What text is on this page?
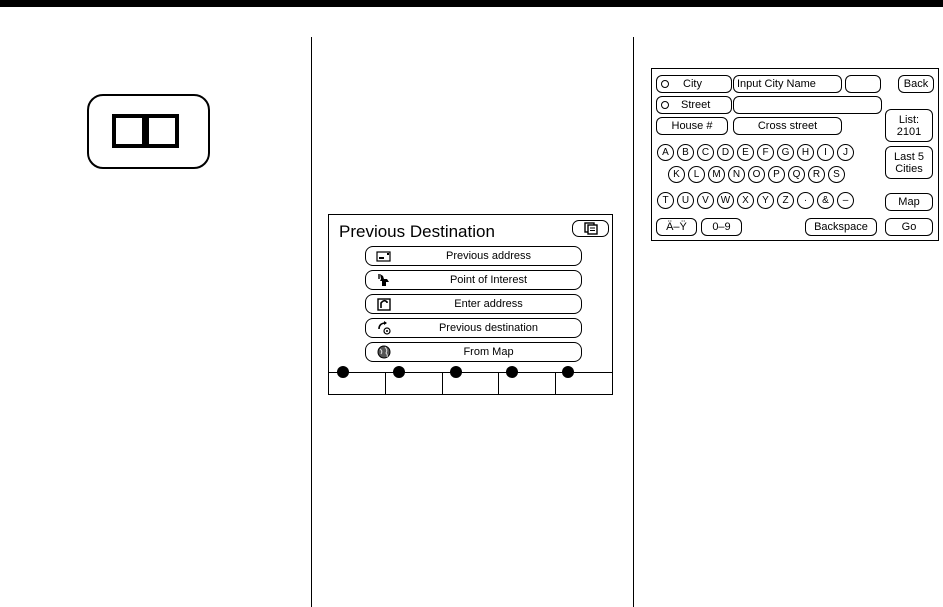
Previous Destination
Previous address
Point of Interest
Enter address
Previous destination
From Map
City	Input City Name	Back
Street
House #	Cross street
List:
2101
Last 5
Cities
Map
A	B	C	D	E	F	G	H	I	J
K	L	M	N	O	P	Q	R	S
T	U	V	W	X	Y	Z	·	&	–
Ä–Ÿ	0–9	Backspace	Go
